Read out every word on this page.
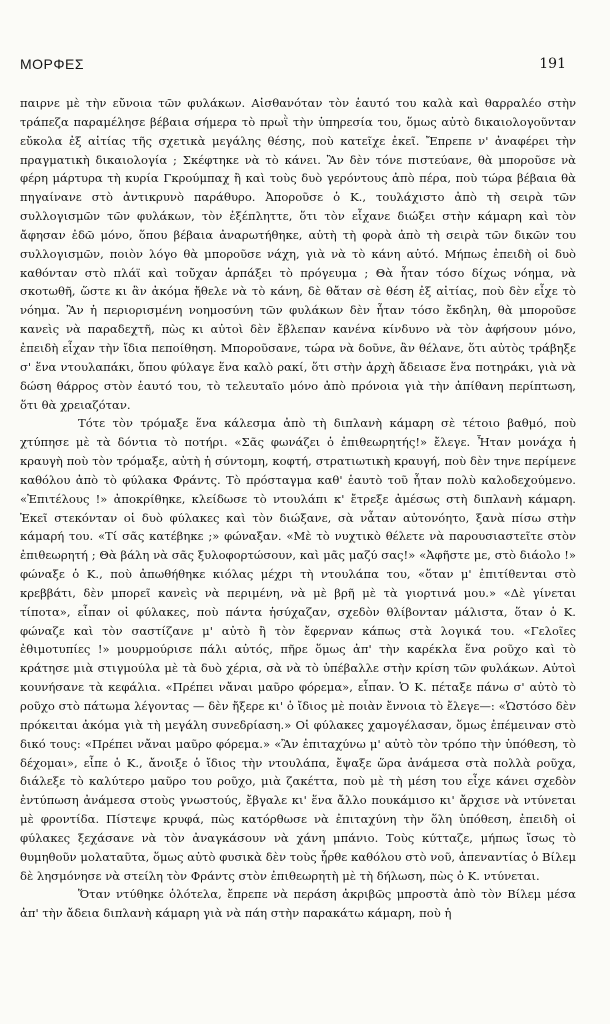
ΜΟΡΦΕΣ	191

παιρνε μὲ τὴν εὔνοια τῶν φυλάκων. Αἰσθανόταν τὸν ἑαυτό του καλὰ καὶ θαρραλέο στὴν τράπεζα παραμέλησε βέβαια σήμερα τὸ πρωῒ τὴν ὑπηρεσία του, ὅμως αὐτὸ δικαιολογοῦνταν εὔκολα ἐξ αἰτίας τῆς σχετικὰ μεγάλης θέσης, ποὺ κατεῖχε ἐκεῖ. Ἔπρεπε ν' ἀναφέρει τὴν πραγματικὴ δικαιολογία ; Σκέφτηκε νὰ τὸ κάνει. Ἂν δὲν τόνε πιστεύανε, θὰ μποροῦσε νὰ φέρη μάρτυρα τὴ κυρία Γκρούμπαχ ἢ καὶ τοὺς δυὸ γερόντους ἀπὸ πέρα, ποὺ τώρα βέβαια θὰ πηγαίνανε στὸ ἀντικρυνὸ παράθυρο. Ἀποροῦσε ὁ Κ., τουλάχιστο ἀπὸ τὴ σειρὰ τῶν συλλογισμῶν τῶν φυλάκων, τὸν ἐξέπληττε, ὅτι τὸν εἶχανε διώξει στὴν κάμαρη καὶ τὸν ἄφησαν ἐδῶ μόνο, ὅπου βέβαια ἀναρωτήθηκε, αὐτὴ τὴ φορὰ ἀπὸ τὴ σειρὰ τῶν δικῶν του συλλογισμῶν, ποιὸν λόγο θὰ μποροῦσε νάχη, γιὰ νὰ τὸ κάνη αὐτό. Μήπως ἐπειδὴ οἱ δυὸ καθόνταν στὸ πλάϊ καὶ τοὔχαν ἁρπάξει τὸ πρόγευμα ; Θὰ ἦταν τόσο δίχως νόημα, νὰ σκοτωθῆ, ὥστε κι ἂν ἀκόμα ἤθελε νὰ τὸ κάνη, δὲ θἄταν σὲ θέση ἐξ αἰτίας, ποὺ δὲν εἶχε τὸ νόημα. Ἂν ἡ περιορισμένη νοημοσύνη τῶν φυλάκων δὲν ἦταν τόσο ἔκδηλη, θὰ μποροῦσε κανεὶς νὰ παραδεχτῆ, πὼς κι αὐτοὶ δὲν ἔβλεπαν κανένα κίνδυνο νὰ τὸν ἀφήσουν μόνο, ἐπειδὴ εἶχαν τὴν ἴδια πεποίθηση. Μποροῦσανε, τώρα νὰ δοῦνε, ἂν θέλανε, ὅτι αὐτὸς τράβηξε σ' ἕνα ντουλαπάκι, ὅπου φύλαγε ἕνα καλὸ ρακί, ὅτι στὴν ἀρχὴ ἄδειασε ἕνα ποτηράκι, γιὰ νὰ δώση θάρρος στὸν ἑαυτό του, τὸ τελευταῖο μόνο ἀπὸ πρόνοια γιὰ τὴν ἀπίθανη περίπτωση, ὅτι θὰ χρειαζόταν.

Τότε τὸν τρόμαξε ἕνα κάλεσμα ἀπὸ τὴ διπλανὴ κάμαρη σὲ τέτοιο βαθμό, ποὺ χτύπησε μὲ τὰ δόντια τὸ ποτήρι. «Σᾶς φωνάζει ὁ ἐπιθεωρητής!» ἔλεγε. Ἦταν μονάχα ἡ κραυγὴ ποὺ τὸν τρόμαξε, αὐτὴ ἡ σύντομη, κοφτή, στρατιωτικὴ κραυγή, ποὺ δὲν τηνε περίμενε καθόλου ἀπὸ τὸ φύλακα Φράντς. Τὸ πρόσταγμα καθ' ἑαυτὸ τοῦ ἦταν πολὺ καλοδεχούμενο. «Ἐπιτέλους !» ἀποκρίθηκε, κλείδωσε τὸ ντουλάπι κ' ἔτρεξε ἀμέσως στὴ διπλανὴ κάμαρη. Ἐκεῖ στεκόνταν οἱ δυὸ φύλακες καὶ τὸν διώξανε, σὰ νἆταν αὐτονόητο, ξανὰ πίσω στὴν κάμαρή του. «Τί σᾶς κατέβηκε ;» φώναξαν. «Μὲ τὸ νυχτικὸ θέλετε νὰ παρουσιαστεῖτε στὸν ἐπιθεωρητή ; Θὰ βάλη νὰ σᾶς ξυλοφορτώσουν, καὶ μᾶς μαζύ σας!» «Ἀφῆστε με, στὸ διάολο !» φώναξε ὁ Κ., ποὺ ἀπωθήθηκε κιόλας μέχρι τὴ ντουλάπα του, «ὅταν μ' ἐπιτίθενται στὸ κρεββάτι, δὲν μπορεῖ κανεὶς νὰ περιμένη, νὰ μὲ βρῆ μὲ τὰ γιορτινά μου.» «Δὲ γίνεται τίποτα», εἶπαν οἱ φύλακες, ποὺ πάντα ἡσύχαζαν, σχεδὸν θλίβονταν μάλιστα, ὅταν ὁ Κ. φώναζε καὶ τὸν σαστίζανε μ' αὐτὸ ἢ τὸν ἔφερναν κάπως στὰ λογικά του. «Γελοῖες ἐθιμοτυπίες !» μουρμούρισε πάλι αὐτός, πῆρε ὅμως ἀπ' τὴν καρέκλα ἕνα ροῦχο καὶ τὸ κράτησε μιὰ στιγμούλα μὲ τὰ δυὸ χέρια, σὰ νὰ τὸ ὑπέβαλλε στὴν κρίση τῶν φυλάκων. Αὐτοὶ κουνήσανε τὰ κεφάλια. «Πρέπει νἄναι μαῦρο φόρεμα», εἶπαν. Ὁ Κ. πέταξε πάνω σ' αὐτὸ τὸ ροῦχο στὸ πάτωμα λέγοντας — δὲν ἤξερε κι' ὁ ἴδιος μὲ ποιὰν ἔννοια τὸ ἔλεγε—: «Ὡστόσο δὲν πρόκειται ἀκόμα γιὰ τὴ μεγάλη συνεδρίαση.» Οἱ φύλακες χαμογέλασαν, ὅμως ἐπέμειναν στὸ δικό τους: «Πρέπει νἄναι μαῦρο φόρεμα.» «Ἂν ἐπιταχύνω μ' αὐτὸ τὸν τρόπο τὴν ὑπόθεση, τὸ δέχομαι», εἶπε ὁ Κ., ἄνοιξε ὁ ἴδιος τὴν ντουλάπα, ἔψαξε ὥρα ἀνάμεσα στὰ πολλὰ ροῦχα, διάλεξε τὸ καλύτερο μαῦρο του ροῦχο, μιὰ ζακέττα, ποὺ μὲ τὴ μέση του εἶχε κάνει σχεδὸν ἐντύπωση ἀνάμεσα στοὺς γνωστούς, ἔβγαλε κι' ἕνα ἄλλο πουκάμισο κι' ἄρχισε νὰ ντύνεται μὲ φροντίδα. Πίστεψε κρυφά, πὼς κατόρθωσε νὰ ἐπιταχύνη τὴν ὅλη ὑπόθεση, ἐπειδὴ οἱ φύλακες ξεχάσανε νὰ τὸν ἀναγκάσουν νὰ χάνη μπάνιο. Τοὺς κύτταζε, μήπως ἴσως τὸ θυμηθοῦν μολαταῦτα, ὅμως αὐτὸ φυσικὰ δὲν τοὺς ἦρθε καθόλου στὸ νοῦ, ἀπεναντίας ὁ Βίλεμ δὲ λησμόνησε νὰ στείλη τὸν Φράντς στὸν ἐπιθεωρητὴ μὲ τὴ δήλωση, πὼς ὁ Κ. ντύνεται.

Ὅταν ντύθηκε ὁλότελα, ἔπρεπε νὰ περάση ἀκριβῶς μπροστὰ ἀπὸ τὸν Βίλεμ μέσα ἀπ' τὴν ἄδεια διπλανὴ κάμαρη γιὰ νὰ πάη στὴν παρακάτω κάμαρη, ποὺ ἡ
